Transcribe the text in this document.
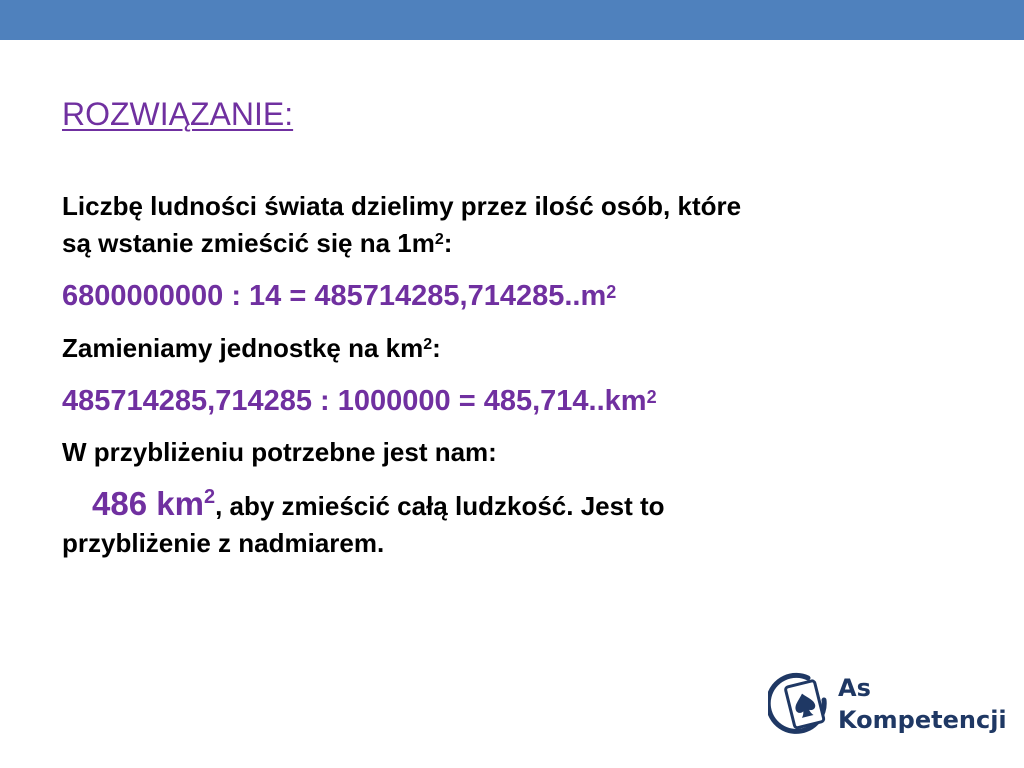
ROZWIĄZANIE:

Liczbę ludności świata dzielimy przez ilość osób, które

są wstanie zmieścić się na $1m^2$:

6800000000 : $14 = 485714285,714285..m^2$

Zamieniamy jednostkę na $km^2$:

485714285,714285 : $1000000 = 485,714..km^2$

W przybliżeniu potrzebne jest nam:

486 $km^2$, aby zmieścić całą ludzkość. Jest to

przybliżenie z nadmiarem.

As
Kompetencji
